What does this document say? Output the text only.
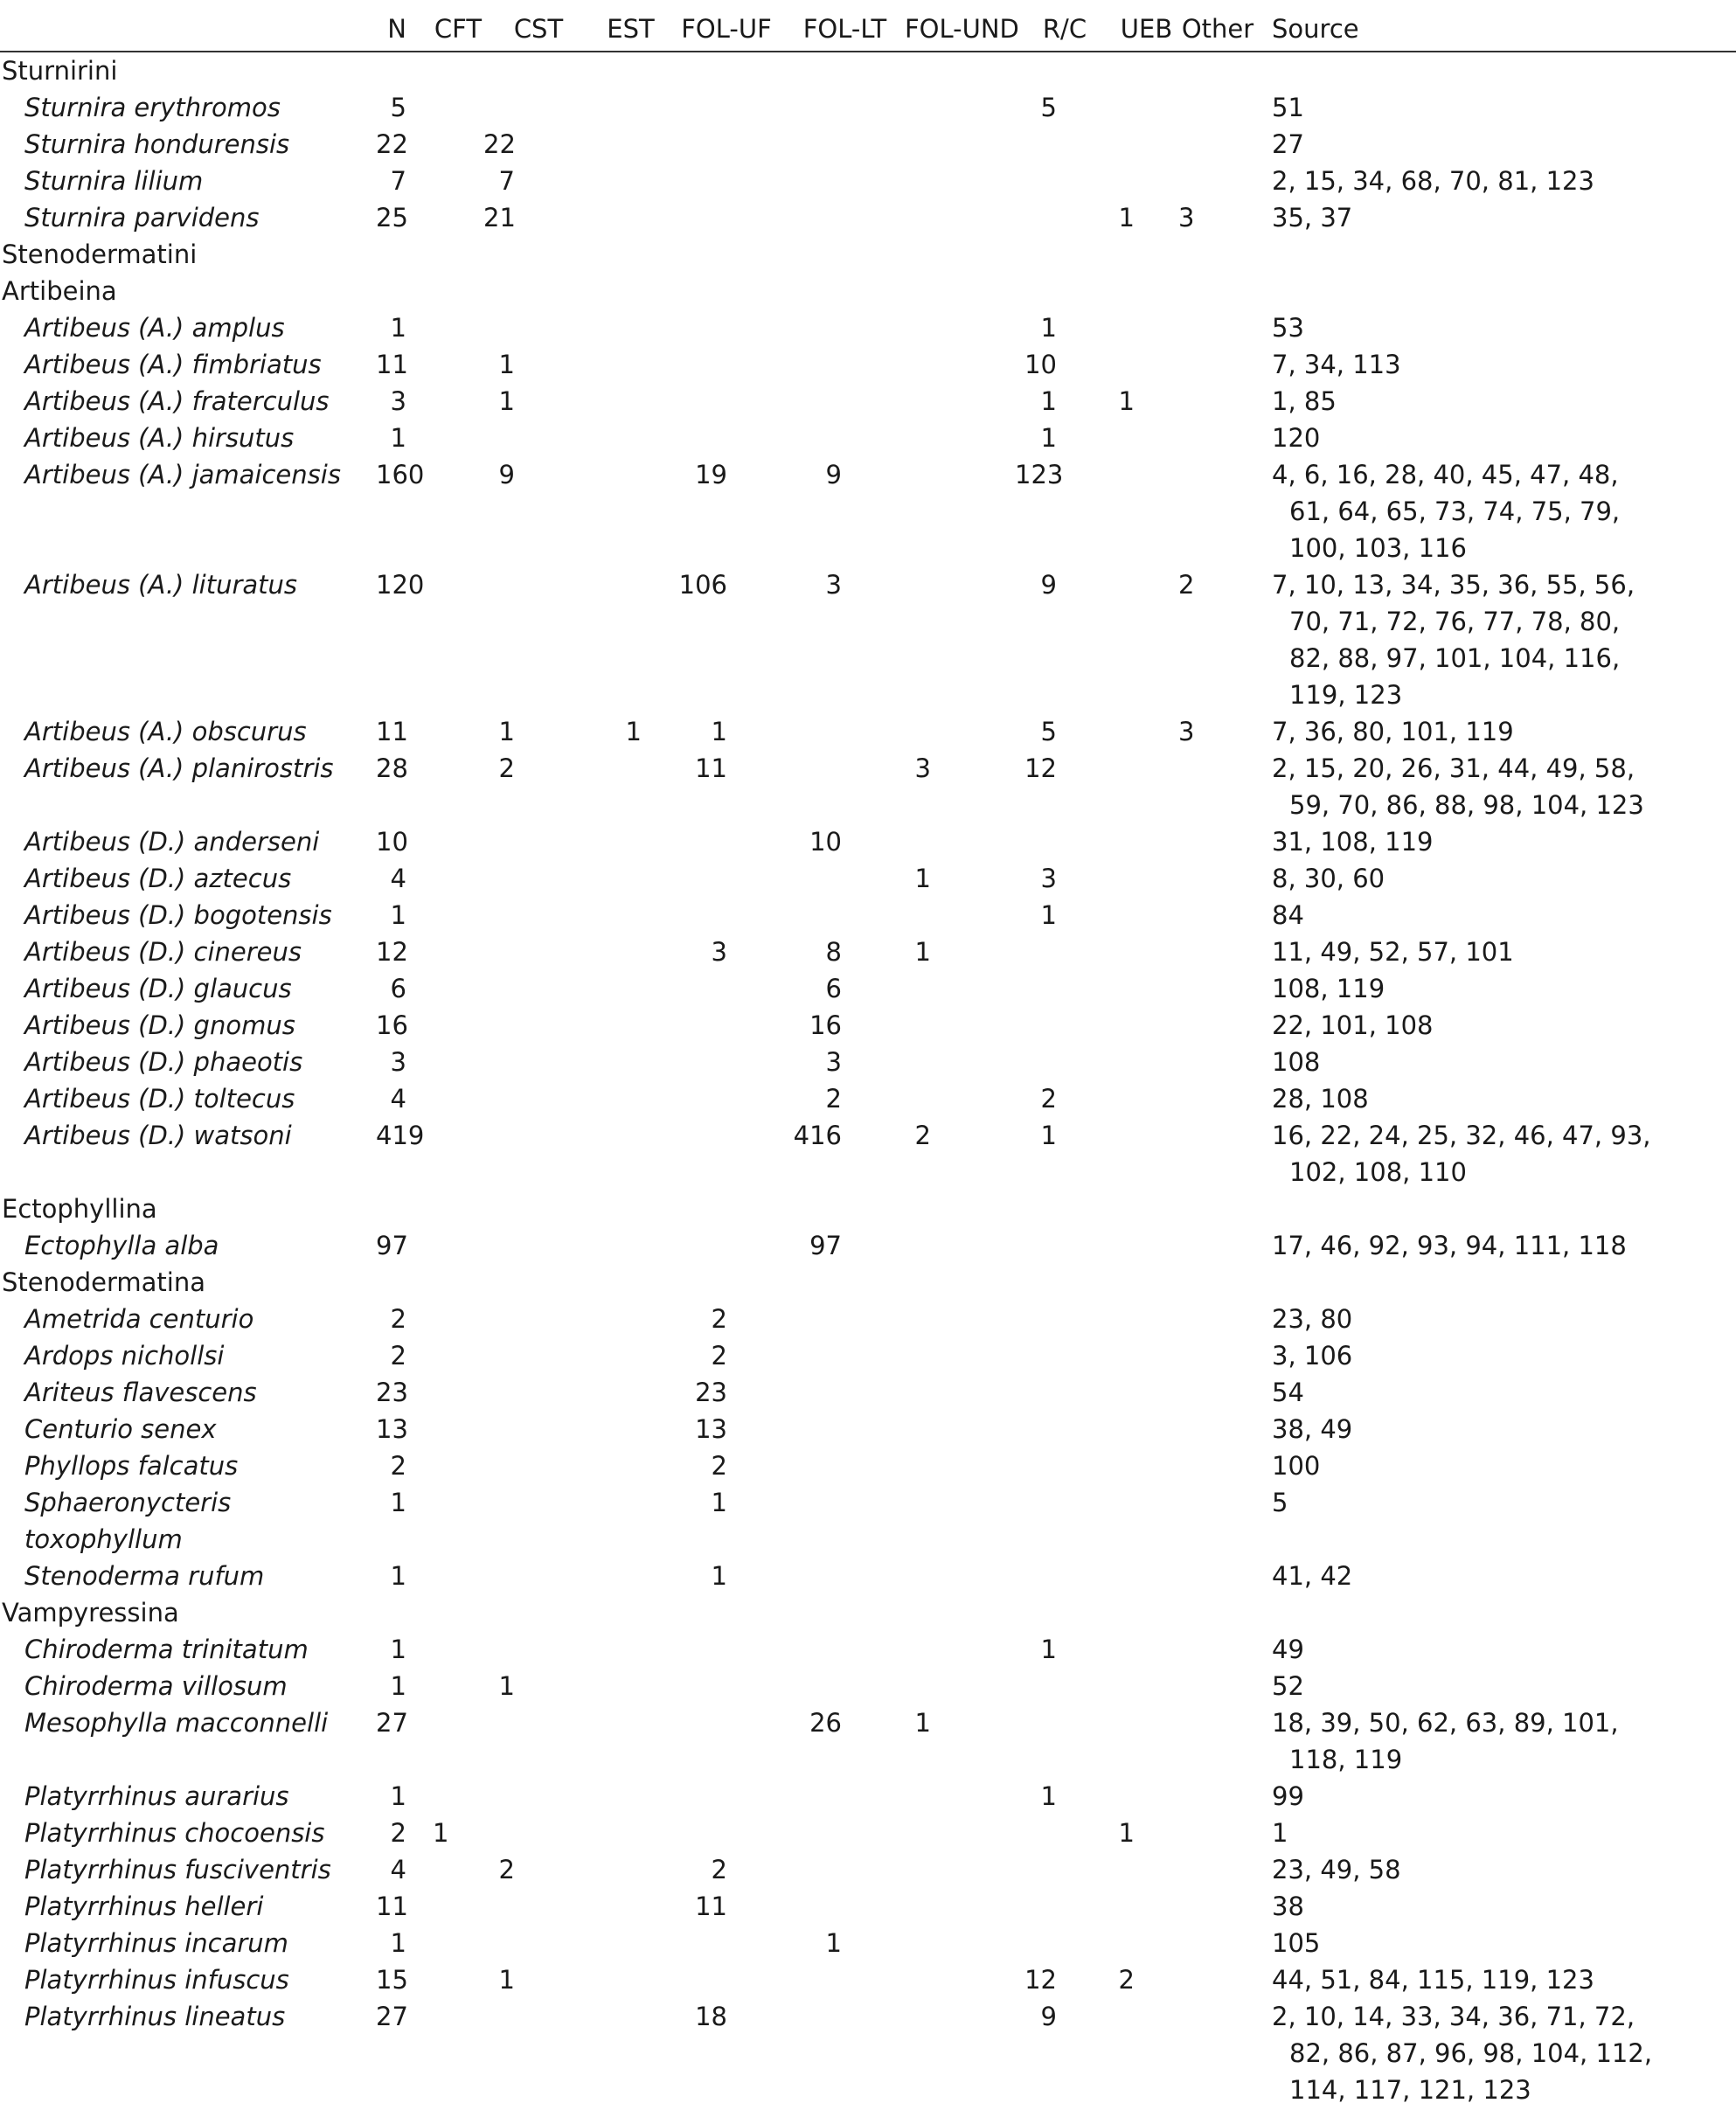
	N	CFT	CST	EST	FOL-UF	FOL-LT	FOL-UND	R/C	UEB	Other	Source
Sturnirini											
Sturnira erythromos	5							5			51

Sturnira hondurensis	22		22								27

Sturnira lilium	7		7								2, 15, 34, 68, 70, 81, 123

Sturnira parvidens	25		21						1	3	35, 37

Stenodermatini											
Artibeina											
Artibeus (A.) amplus	1							1			53

Artibeus (A.) fimbriatus	11		1					10			7, 34, 113

Artibeus (A.) fraterculus	3		1					1	1		1, 85

Artibeus (A.) hirsutus	1							1			120

Artibeus (A.) jamaicensis	160		9		19	9		123			4, 6, 16, 28, 40, 45, 47, 48,
61, 64, 65, 73, 74, 75, 79,
100, 103, 116

Artibeus (A.) lituratus	120				106	3		9		2	7, 10, 13, 34, 35, 36, 55, 56,
70, 71, 72, 76, 77, 78, 80,
82, 88, 97, 101, 104, 116,
119, 123

Artibeus (A.) obscurus	11		1	1	1			5		3	7, 36, 80, 101, 119

Artibeus (A.) planirostris	28		2		11		3	12			2, 15, 20, 26, 31, 44, 49, 58,
59, 70, 86, 88, 98, 104, 123

Artibeus (D.) anderseni	10					10					31, 108, 119

Artibeus (D.) aztecus	4						1	3			8, 30, 60

Artibeus (D.) bogotensis	1							1			84

Artibeus (D.) cinereus	12				3	8	1				11, 49, 52, 57, 101

Artibeus (D.) glaucus	6					6					108, 119

Artibeus (D.) gnomus	16					16					22, 101, 108

Artibeus (D.) phaeotis	3					3					108

Artibeus (D.) toltecus	4					2		2			28, 108

Artibeus (D.) watsoni	419					416	2	1			16, 22, 24, 25, 32, 46, 47, 93,
102, 108, 110

Ectophyllina											
Ectophylla alba	97					97					17, 46, 92, 93, 94, 111, 118

Stenodermatina											
Ametrida centurio	2				2						23, 80

Ardops nichollsi	2				2						3, 106

Ariteus flavescens	23				23						54

Centurio senex	13				13						38, 49

Phyllops falcatus	2				2						100

Sphaeronycteris toxophyllum	1				1						5

Stenoderma rufum	1				1						41, 42

Vampyressina											
Chiroderma trinitatum	1							1			49

Chiroderma villosum	1		1								52

Mesophylla macconnelli	27					26	1				18, 39, 50, 62, 63, 89, 101,
118, 119

Platyrrhinus aurarius	1							1			99

Platyrrhinus chocoensis	2	1							1		1

Platyrrhinus fusciventris	4		2		2						23, 49, 58

Platyrrhinus helleri	11				11						38

Platyrrhinus incarum	1					1					105

Platyrrhinus infuscus	15		1					12	2		44, 51, 84, 115, 119, 123

Platyrrhinus lineatus	27				18			9			2, 10, 14, 33, 34, 36, 71, 72,
82, 86, 87, 96, 98, 104, 112,
114, 117, 121, 123
